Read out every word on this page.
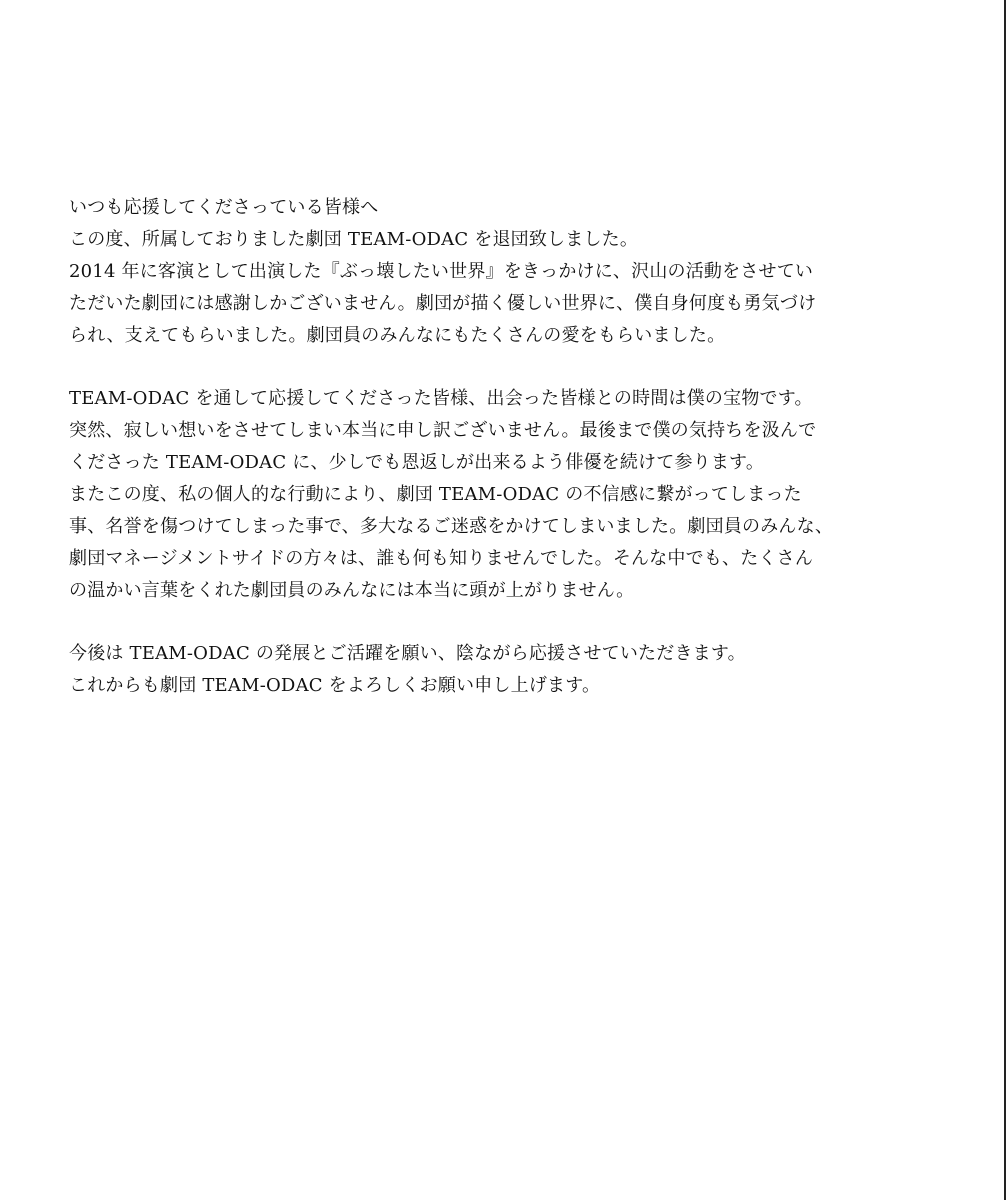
いつも応援してくださっている皆様へ
この度、所属しておりました劇団 TEAM-ODAC を退団致しました。
2014 年に客演として出演した『ぶっ壊したい世界』をきっかけに、沢山の活動をさせてい
ただいた劇団には感謝しかございません。劇団が描く優しい世界に、僕自身何度も勇気づけ
られ、支えてもらいました。劇団員のみんなにもたくさんの愛をもらいました。
TEAM-ODAC を通して応援してくださった皆様、出会った皆様との時間は僕の宝物です。
突然、寂しい想いをさせてしまい本当に申し訳ございません。最後まで僕の気持ちを汲んで
くださった TEAM-ODAC に、少しでも恩返しが出来るよう俳優を続けて参ります。
またこの度、私の個人的な行動により、劇団 TEAM-ODAC の不信感に繋がってしまった
事、名誉を傷つけてしまった事で、多大なるご迷惑をかけてしまいました。劇団員のみんな、
劇団マネージメントサイドの方々は、誰も何も知りませんでした。そんな中でも、たくさん
の温かい言葉をくれた劇団員のみんなには本当に頭が上がりません。
今後は TEAM-ODAC の発展とご活躍を願い、陰ながら応援させていただきます。
これからも劇団 TEAM-ODAC をよろしくお願い申し上げます。
